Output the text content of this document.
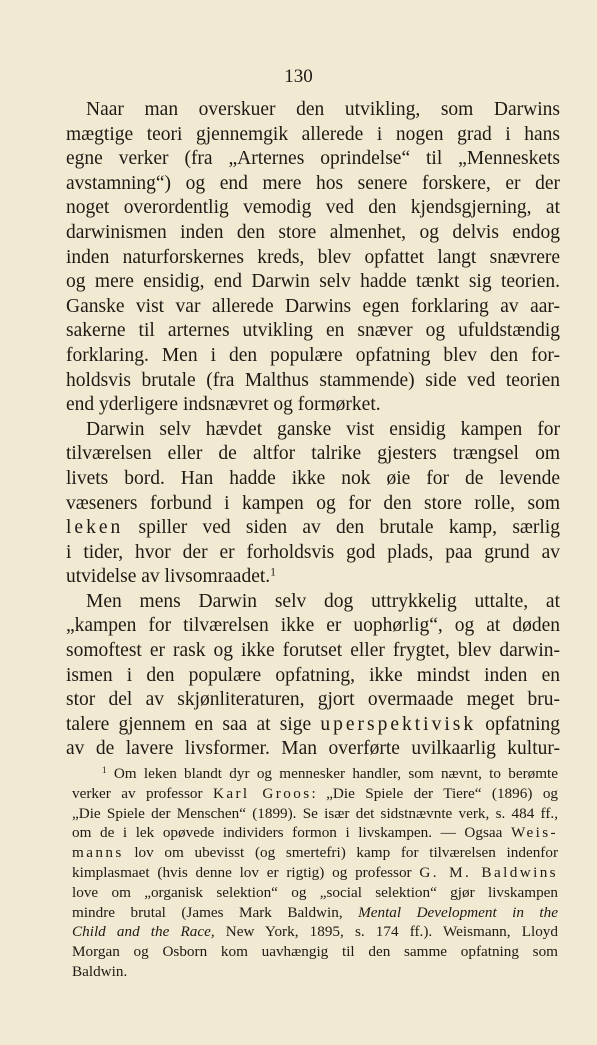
130
Naar man overskuer den utvikling, som Darwins
mægtige teori gjennemgik allerede i nogen grad i hans
egne verker (fra „Arternes oprindelse“ til „Menneskets
avstamning“) og end mere hos senere forskere, er der
noget overordentlig vemodig ved den kjendsgjerning, at
darwinismen inden den store almenhet, og delvis endog
inden naturforskernes kreds, blev opfattet langt snævrere
og mere ensidig, end Darwin selv hadde tænkt sig teorien.
Ganske vist var allerede Darwins egen forklaring av aar-
sakerne til arternes utvikling en snæver og ufuldstændig
forklaring. Men i den populære opfatning blev den for-
holdsvis brutale (fra Malthus stammende) side ved teorien
end yderligere indsnævret og formørket.
Darwin selv hævdet ganske vist ensidig kampen for
tilværelsen eller de altfor talrike gjesters trængsel om
livets bord. Han hadde ikke nok øie for de levende
væseners forbund i kampen og for den store rolle, som
leken spiller ved siden av den brutale kamp, særlig
i tider, hvor der er forholdsvis god plads, paa grund av
utvidelse av livsomraadet.$^1$
Men mens Darwin selv dog uttrykkelig uttalte, at
„kampen for tilværelsen ikke er uophørlig“, og at døden
somoftest er rask og ikke forutset eller frygtet, blev darwin-
ismen i den populære opfatning, ikke mindst inden en
stor del av skjønliteraturen, gjort overmaade meget bru-
talere gjennem en saa at sige uperspektivisk opfatning
av de lavere livsformer. Man overførte uvilkaarlig kultur-
$^1$ Om leken blandt dyr og mennesker handler, som nævnt, to berømte
verker av professor Karl Groos: „Die Spiele der Tiere“ (1896) og
„Die Spiele der Menschen“ (1899). Se især det sidstnævnte verk, s. 484 ff.,
om de i lek opøvede individers formon i livskampen. — Ogsaa Weis-
manns lov om ubevisst (og smertefri) kamp for tilværelsen indenfor
kimplasmaet (hvis denne lov er rigtig) og professor G. M. Baldwins
love om „organisk selektion“ og „social selektion“ gjør livskampen
mindre brutal (James Mark Baldwin, Mental Development in the
Child and the Race, New York, 1895, s. 174 ff.). Weismann, Lloyd
Morgan og Osborn kom uavhængig til den samme opfatning som
Baldwin.
